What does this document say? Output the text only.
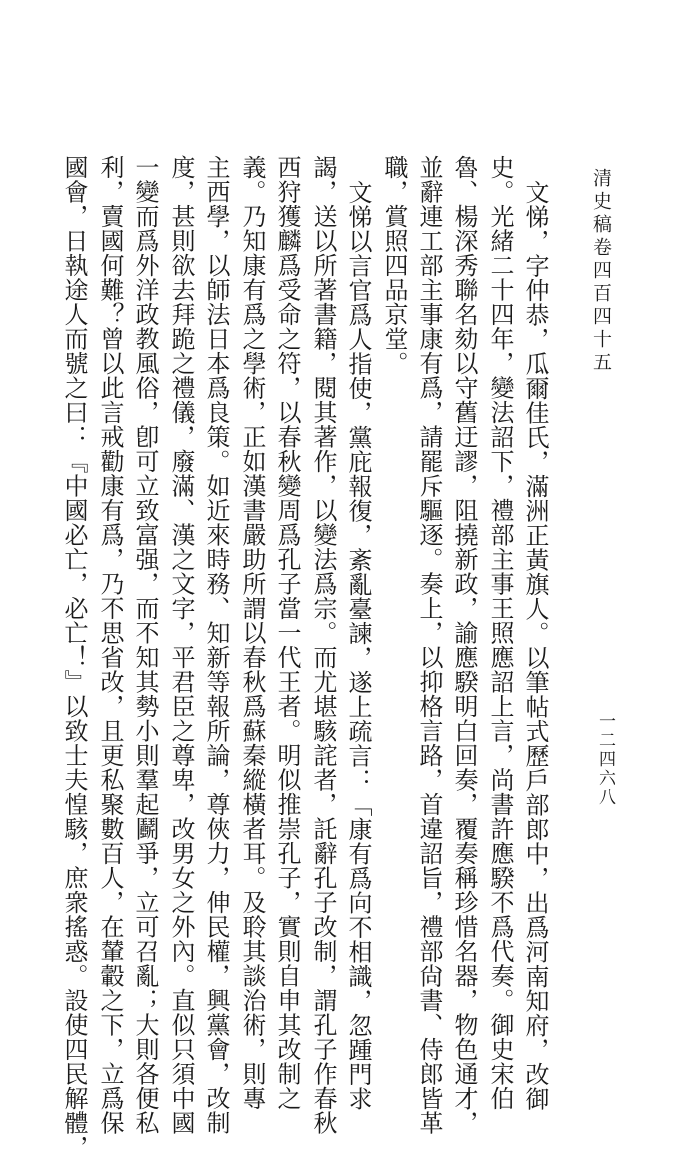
清史稿卷四百四十五
一二四六八
文悌，字仲恭，瓜爾佳氏，滿洲正黃旗人。以筆帖式歷戶部郎中，出爲河南知府，改御
史。光緒二十四年，變法詔下，禮部主事王照應詔上言，尚書許應騤不爲代奏。御史宋伯
魯、楊深秀聯名劾以守舊迂謬，阻撓新政，諭應騤明白回奏，覆奏稱珍惜名器，物色通才，
並辭連工部主事康有爲，請罷斥驅逐。奏上，以抑格言路，首違詔旨，禮部尙書、侍郎皆革
職，賞照四品京堂。
文悌以言官爲人指使，黨庇報復，紊亂臺諫，遂上疏言：「康有爲向不相識，忽踵門求
謁，送以所著書籍，閱其著作，以變法爲宗。而尤堪駭詫者，託辭孔子改制，謂孔子作春秋
西狩獲麟爲受命之符，以春秋變周爲孔子當一代王者。明似推崇孔子，實則自申其改制之
義。乃知康有爲之學術，正如漢書嚴助所謂以春秋爲蘇秦縱橫者耳。及聆其談治術，則專
主西學，以師法日本爲良策。如近來時務、知新等報所論，尊俠力，伸民權，興黨會，改制
度，甚則欲去拜跪之禮儀，廢滿、漢之文字，平君臣之尊卑，改男女之外內。直似只須中國
一變而爲外洋政教風俗，卽可立致富强，而不知其勢小則羣起鬬爭，立可召亂；大則各便私
利，賣國何難？曾以此言戒勸康有爲，乃不思省改，且更私聚數百人，在輦轂之下，立爲保
國會，日執途人而號之曰：『中國必亡，必亡！』以致士夫惶駭，庶衆搖惑。設使四民解體，
